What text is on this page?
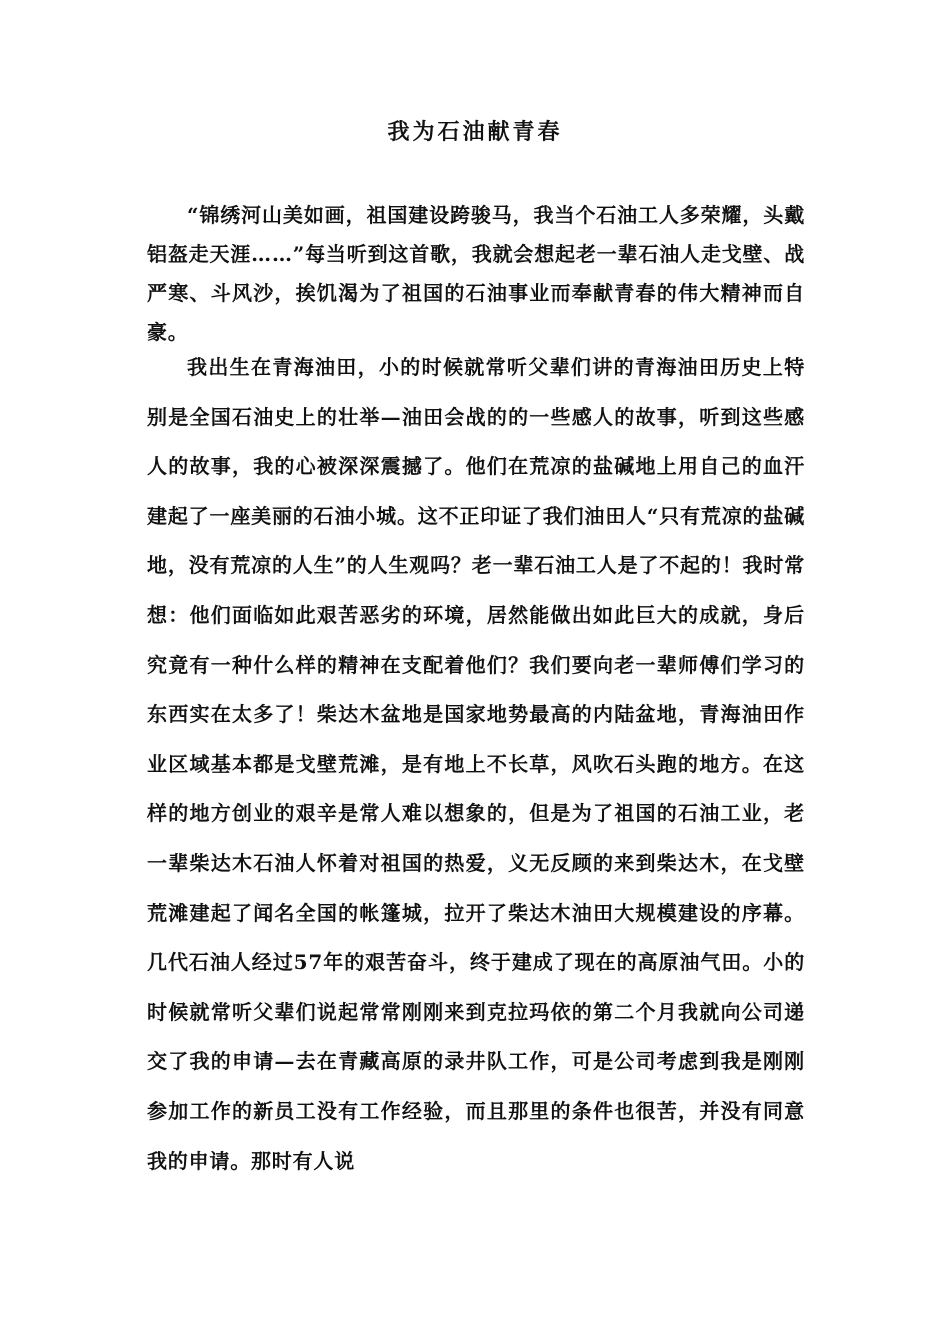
我为石油献青春

“锦绣河山美如画，祖国建设跨骏马，我当个石油工人多荣耀，头戴铝盔走天涯……”每当听到这首歌，我就会想起老一辈石油人走戈壁、战严寒、斗风沙，挨饥渴为了祖国的石油事业而奉献青春的伟大精神而自豪。

我出生在青海油田，小的时候就常听父辈们讲的青海油田历史上特别是全国石油史上的壮举—油田会战的的一些感人的故事，听到这些感人的故事，我的心被深深震撼了。他们在荒凉的盐碱地上用自己的血汗建起了一座美丽的石油小城。这不正印证了我们油田人“只有荒凉的盐碱地，没有荒凉的人生”的人生观吗？老一辈石油工人是了不起的！我时常想：他们面临如此艰苦恶劣的环境，居然能做出如此巨大的成就，身后究竟有一种什么样的精神在支配着他们？我们要向老一辈师傅们学习的东西实在太多了！柴达木盆地是国家地势最高的内陆盆地，青海油田作业区域基本都是戈壁荒滩，是有地上不长草，风吹石头跑的地方。在这样的地方创业的艰辛是常人难以想象的，但是为了祖国的石油工业，老一辈柴达木石油人怀着对祖国的热爱，义无反顾的来到柴达木，在戈壁荒滩建起了闻名全国的帐篷城，拉开了柴达木油田大规模建设的序幕。几代石油人经过57年的艰苦奋斗，终于建成了现在的高原油气田。小的时候就常听父辈们说起常常刚刚来到克拉玛依的第二个月我就向公司递交了我的申请—去在青藏高原的录井队工作，可是公司考虑到我是刚刚参加工作的新员工没有工作经验，而且那里的条件也很苦，并没有同意我的申请。那时有人说
